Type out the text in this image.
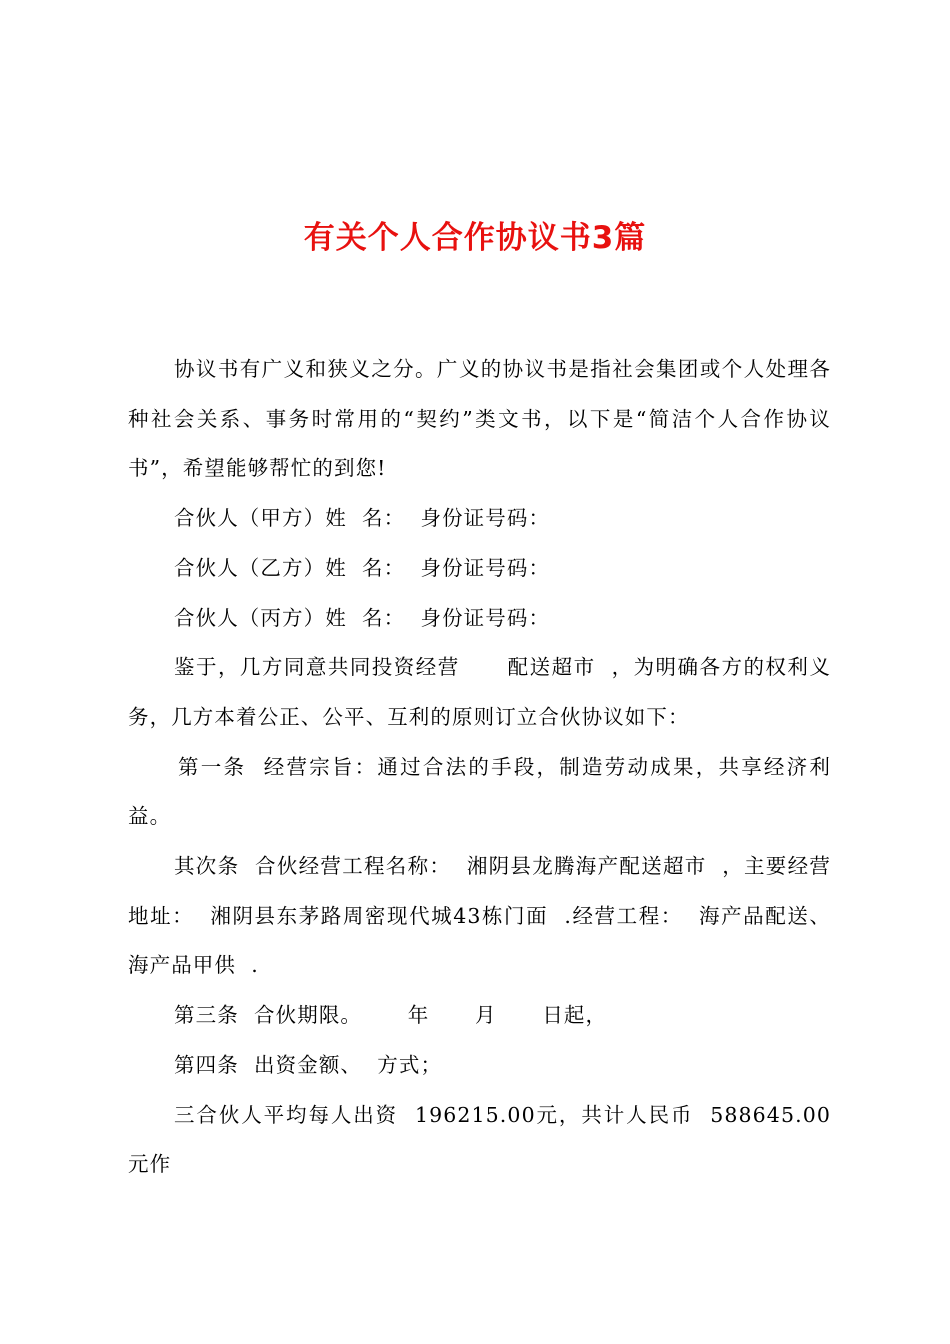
有关个人合作协议书3篇

协议书有广义和狭义之分。广义的协议书是指社会集团或个人处理各种社会关系、事务时常用的“契约”类文书，以下是“简洁个人合作协议书”，希望能够帮忙的到您!

合伙人（甲方）姓  名：  身份证号码：

合伙人（乙方）姓  名：  身份证号码：

合伙人（丙方）姓  名：  身份证号码：

鉴于，几方同意共同投资经营      配送超市  ，为明确各方的权利义务，几方本着公正、公平、互利的原则订立合伙协议如下：

第一条  经营宗旨：通过合法的手段，制造劳动成果，共享经济利益。

其次条  合伙经营工程名称：  湘阴县龙腾海产配送超市  ，主要经营地址：  湘阴县东茅路周密现代城43栋门面  .经营工程：  海产品配送、海产品甲供  .

第三条  合伙期限。      年      月      日起，

第四条  出资金额、  方式；

三合伙人平均每人出资  196215.00元，共计人民币  588645.00元作
